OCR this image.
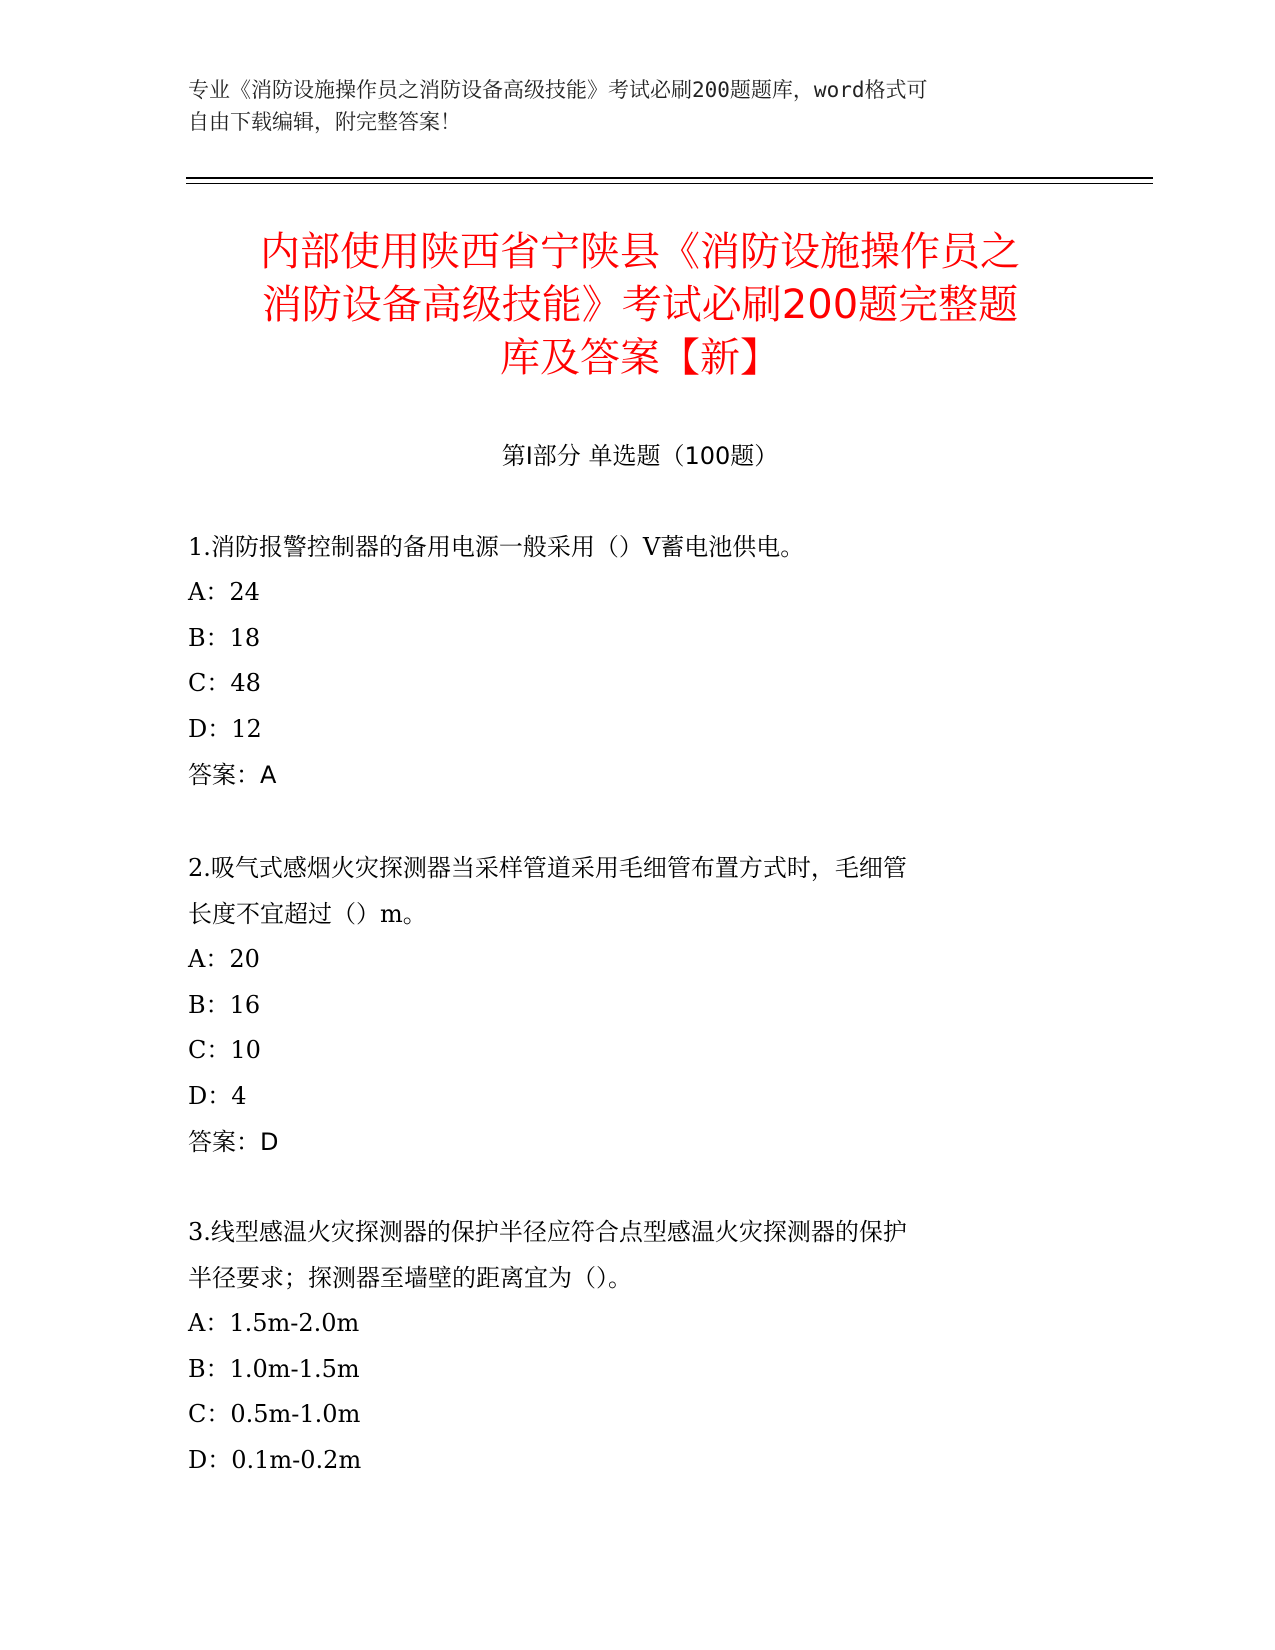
专业《消防设施操作员之消防设备高级技能》考试必刷200题题库，word格式可
自由下载编辑，附完整答案！
内部使用陕西省宁陕县《消防设施操作员之
消防设备高级技能》考试必刷200题完整题
库及答案【新】
第Ⅰ部分 单选题（100题）

1.消防报警控制器的备用电源一般采用（）V蓄电池供电。

A：24

B：18

C：48

D：12

答案：A

2.吸气式感烟火灾探测器当采样管道采用毛细管布置方式时，毛细管

长度不宜超过（）m。

A：20

B：16

C：10

D：4

答案：D

3.线型感温火灾探测器的保护半径应符合点型感温火灾探测器的保护

半径要求；探测器至墙壁的距离宜为（）。

A：1.5m-2.0m

B：1.0m-1.5m

C：0.5m-1.0m

D：0.1m-0.2m
